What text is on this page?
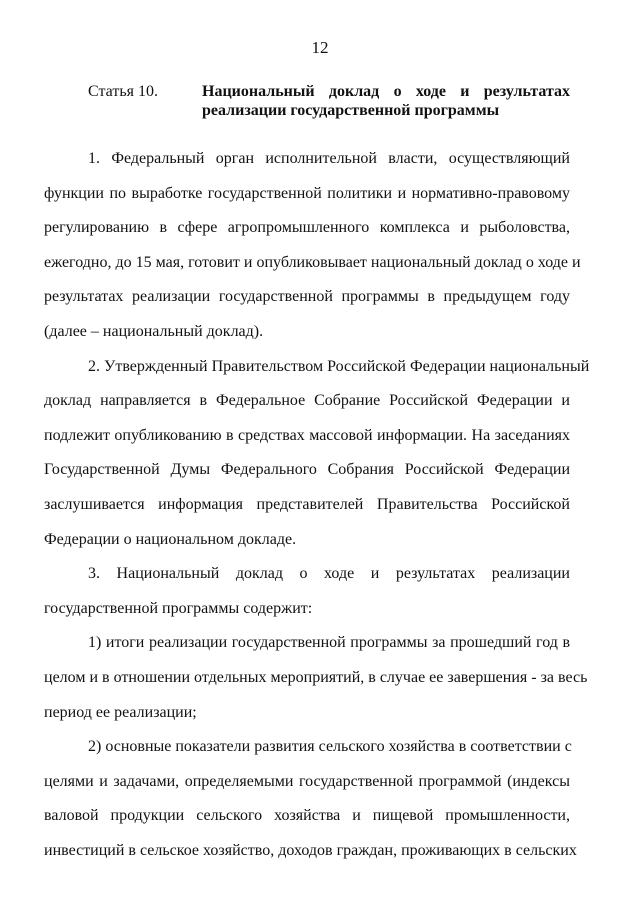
12
Статья 10.	Национальный доклад о ходе и результатах
реализации государственной программы
1. Федеральный орган исполнительной власти, осуществляющий
функции по выработке государственной политики и нормативно-правовому
регулированию в сфере агропромышленного комплекса и рыболовства,
ежегодно, до 15 мая, готовит и опубликовывает национальный доклад о ходе и
результатах реализации государственной программы в предыдущем году
(далее – национальный доклад).
2. Утвержденный Правительством Российской Федерации национальный
доклад направляется в Федеральное Собрание Российской Федерации и
подлежит опубликованию в средствах массовой информации. На заседаниях
Государственной Думы Федерального Собрания Российской Федерации
заслушивается информация представителей Правительства Российской
Федерации о национальном докладе.
3. Национальный доклад о ходе и результатах реализации
государственной программы содержит:
1) итоги реализации государственной программы за прошедший год в
целом и в отношении отдельных мероприятий, в случае ее завершения - за весь
период ее реализации;
2) основные показатели развития сельского хозяйства в соответствии с
целями и задачами, определяемыми государственной программой (индексы
валовой продукции сельского хозяйства и пищевой промышленности,
инвестиций в сельское хозяйство, доходов граждан, проживающих в сельских
